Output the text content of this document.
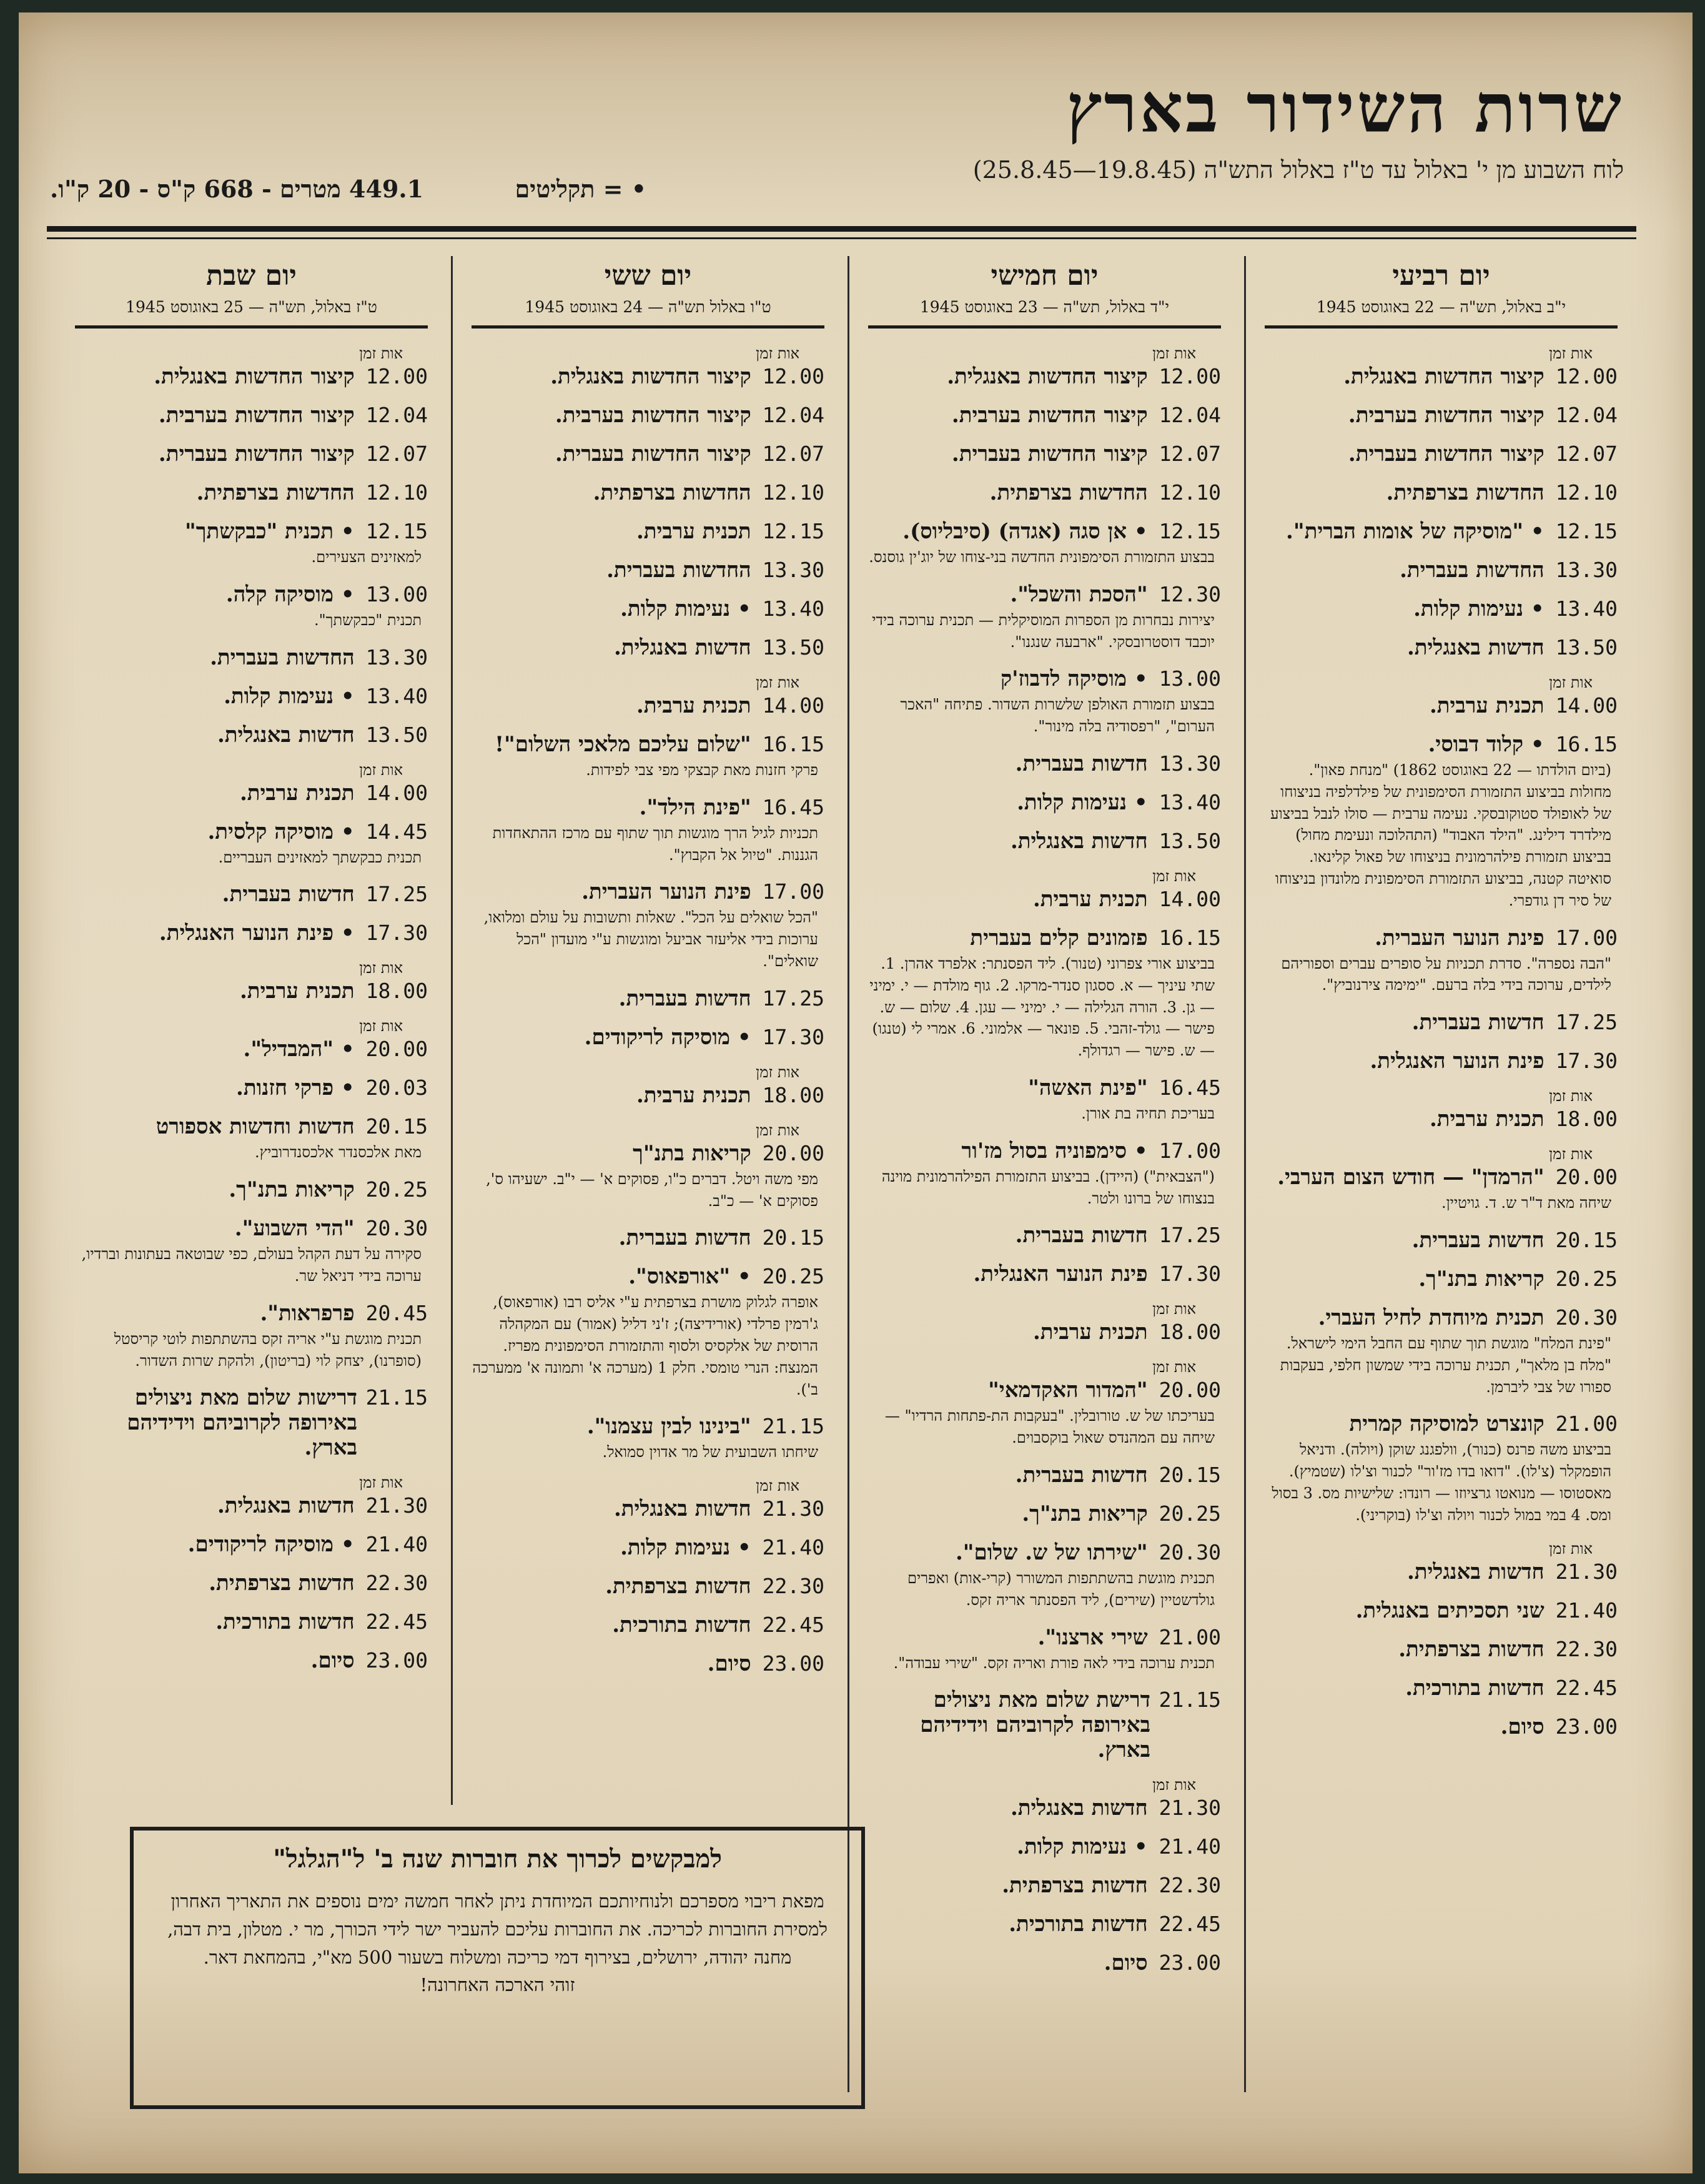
שרות השידור בארץ
לוח השבוע מן י' באלול עד ט"ז באלול התש"ה (19.8.45—25.8.45)
• = תקליטים  449.1 מטרים - 668 ק"ס - 20 ק"ו.
יום רביעי
י"ב באלול, תש"ה — 22 באוגוסט 1945
אות זמן
12.00
קיצור החדשות באנגלית.
12.04
קיצור החדשות בערבית.
12.07
קיצור החדשות בעברית.
12.10
החדשות בצרפתית.
12.15
• "מוסיקה של אומות הברית".
13.30
החדשות בעברית.
13.40
• נעימות קלות.
13.50
חדשות באנגלית.
אות זמן
14.00
תכנית ערבית.
16.15
• קלוד דבוסי.
(ביום הולדתו — 22 באוגוסט 1862) "מנחת פאון". מחולות בביצוע התזמורת הסימפונית של פילדלפיה בניצוחו של לאופולד סטוקובסקי. נעימה ערבית — סולו לנבל בביצוע מילדרד דילינג. "הילד האבוד" (התהלוכה ונעימת מחול) בביצוע תזמורת פילהרמונית בניצוחו של פאול קלינאו. סואיטה קטנה, בביצוע התזמורת הסימפונית מלונדון בניצוחו של סיר דן גודפרי.
17.00
פינת הנוער העברית.
"הבה נספרה". סדרת תכניות על סופרים עברים וספוריהם לילדים, ערוכה בידי בלה ברעם. "ימימה צירנוביץ".
17.25
חדשות בעברית.
17.30
פינת הנוער האנגלית.
אות זמן
18.00
תכנית ערבית.
אות זמן
20.00
"הרמדן" — חודש הצום הערבי.
שיחה מאת ד"ר ש. ד. גויטיין.
20.15
חדשות בעברית.
20.25
קריאות בתנ"ך.
20.30
תכנית מיוחדת לחיל העברי.
"פינת המלח" מוגשת תוך שתוף עם החבל הימי לישראל. "מלח בן מלאך", תכנית ערוכה בידי שמשון חלפי, בעקבות ספורו של צבי ליברמן.
21.00
קונצרט למוסיקה קמרית
בביצוע משה פרנס (כנור), וולפגנג שוקן (ויולה). ודניאל הופמקלר (צ'לו). "דואו בדו מז'ור" לכנור וצ'לו (שטמיץ). מאסטוסו — מנואטו גרציוזו — רונדו: שלישיות מס. 3 בסול ומס. 4 במי במול לכנור ויולה וצ'לו (בוקריני).
אות זמן
21.30
חדשות באנגלית.
21.40
שני תסכיתים באנגלית.
22.30
חדשות בצרפתית.
22.45
חדשות בתורכית.
23.00
סיום.
יום חמישי
י"ד באלול, תש"ה — 23 באוגוסט 1945
אות זמן
12.00
קיצור החדשות באנגלית.
12.04
קיצור החדשות בערבית.
12.07
קיצור החדשות בעברית.
12.10
החדשות בצרפתית.
12.15
• אן סגה (אגדה) (סיבליוס).
בבצוע התזמורת הסימפונית החדשה בני-צוחו של יוג'ין גוסנס.
12.30
"הסכת והשכל".
יצירות נבחרות מן הספרות המוסיקלית — תכנית ערוכה בידי יוכבד דוסטרובסקי. "ארבעה שנגנו".
13.00
• מוסיקה לדבוז'ק
בבצוע תזמורת האולפן שלשרות השדור. פתיחה "האכר הערום", "רפסודיה בלה מינור".
13.30
חדשות בעברית.
13.40
• נעימות קלות.
13.50
חדשות באנגלית.
אות זמן
14.00
תכנית ערבית.
16.15
פזמונים קלים בעברית
בביצוע אורי צפרוני (טנור). ליד הפסנתר: אלפרד אהרן. 1. שתי עיניך — א. ססגון סנדר-מרקו. 2. גוף מולדת — י. ימיני — גן. 3. הורה הגלילה — י. ימיני — עגן. 4. שלום — ש. פישר — גולד-זהבי. 5. פונאר — אלמוני. 6. אמרי לי (טנגו) — ש. פישר — רגדולף.
16.45
"פינת האשה"
בעריכת תחיה בת אורן.
17.00
• סימפוניה בסול מז'ור
("הצבאית") (היידן). בביצוע התזמורת הפילהרמונית מוינה בנצוחו של ברונו ולטר.
17.25
חדשות בעברית.
17.30
פינת הנוער האנגלית.
אות זמן
18.00
תכנית ערבית.
אות זמן
20.00
"המדור האקדמאי"
בעריכתו של ש. טורובלין. "בעקבות הת-פתחות הרדיו" — שיחה עם המהנדס שאול בוקסבוים.
20.15
חדשות בעברית.
20.25
קריאות בתנ"ך.
20.30
"שירתו של ש. שלום".
תכנית מוגשת בהשתתפות המשורר (קרי-אות) ואפרים גולדשטיין (שירים), ליד הפסנתר אריה זקס.
21.00
שירי ארצנו".
תכנית ערוכה בידי לאה פורת ואריה זקס. "שירי עבודה".
21.15
דרישת שלום מאת ניצולים באירופה לקרוביהם וידידיהם בארץ.
אות זמן
21.30
חדשות באנגלית.
21.40
• נעימות קלות.
22.30
חדשות בצרפתית.
22.45
חדשות בתורכית.
23.00
סיום.
יום ששי
ט"ו באלול תש"ה — 24 באוגוסט 1945
אות זמן
12.00
קיצור החדשות באנגלית.
12.04
קיצור החדשות בערבית.
12.07
קיצור החדשות בעברית.
12.10
החדשות בצרפתית.
12.15
תכנית ערבית.
13.30
החדשות בעברית.
13.40
• נעימות קלות.
13.50
חדשות באנגלית.
אות זמן
14.00
תכנית ערבית.
16.15
"שלום עליכם מלאכי השלום"!
פרקי חזנות מאת קבצקי מפי צבי לפידות.
16.45
"פינת הילד".
תכניות לגיל הרך מוגשות תוך שתוף עם מרכז ההתאחדות הגננות. "טיול אל הקבוץ".
17.00
פינת הנוער העברית.
"הכל שואלים על הכל". שאלות ותשובות על עולם ומלואו, ערוכות בידי אליעזר אביעל ומוגשות ע"י מועדון "הכל שואלים".
17.25
חדשות בעברית.
17.30
• מוסיקה לריקודים.
אות זמן
18.00
תכנית ערבית.
אות זמן
20.00
קריאות בתנ"ך
מפי משה ויטל. דברים כ"ו, פסוקים א' — י"ב. ישעיהו ס', פסוקים א' — כ"ב.
20.15
חדשות בעברית.
20.25
• "אורפאוס".
אופרה לגלוק מושרת בצרפתית ע"י אליס רבו (אורפאוס), ג'רמין פרלדי (אורידיצה); ז'ני דליל (אמור) עם המקהלה הרוסית של אלקסיס ולסוף והתזמורת הסימפונית מפריז. המנצח: הנרי טומסי. חלק 1 (מערכה א' ותמונה א' ממערכה ב').
21.15
"בינינו לבין עצמנו".
שיחתו השבועית של מר אדוין סמואל.
אות זמן
21.30
חדשות באנגלית.
21.40
• נעימות קלות.
22.30
חדשות בצרפתית.
22.45
חדשות בתורכית.
23.00
סיום.
יום שבת
ט"ז באלול, תש"ה — 25 באוגוסט 1945
אות זמן
12.00
קיצור החדשות באנגלית.
12.04
קיצור החדשות בערבית.
12.07
קיצור החדשות בעברית.
12.10
החדשות בצרפתית.
12.15
• תכנית "כבקשתך"
למאזינים הצעירים.
13.00
• מוסיקה קלה.
תכנית "כבקשתך".
13.30
החדשות בעברית.
13.40
• נעימות קלות.
13.50
חדשות באנגלית.
אות זמן
14.00
תכנית ערבית.
14.45
• מוסיקה קלסית.
תכנית כבקשתך למאזינים העבריים.
17.25
חדשות בעברית.
17.30
• פינת הנוער האנגלית.
אות זמן
18.00
תכנית ערבית.
אות זמן
20.00
• "המבדיל".
20.03
• פרקי חזנות.
20.15
חדשות וחדשות אספורט
מאת אלכסנדר אלכסנדרוביץ.
20.25
קריאות בתנ"ך.
20.30
"הדי השבוע".
סקירה על דעת הקהל בעולם, כפי שבוטאה בעתונות וברדיו, ערוכה בידי דניאל שר.
20.45
פרפראות".
תכנית מוגשת ע"י אריה זקס בהשתתפות לוטי קריסטל (סופרנו), יצחק לוי (בריטון), ולהקת שרות השדור.
21.15
דרישות שלום מאת ניצולים באירופה לקרוביהם וידידיהם בארץ.
אות זמן
21.30
חדשות באנגלית.
21.40
• מוסיקה לריקודים.
22.30
חדשות בצרפתית.
22.45
חדשות בתורכית.
23.00
סיום.
למבקשים לכרוך את חוברות שנה ב' ל"הגלגל"
מפאת ריבוי מספרכם ולנוחיותכם המיוחדת ניתן לאחר חמשה ימים נוספים את התאריך האחרון למסירת החוברות לכריכה. את החוברות עליכם להעביר ישר לידי הכורך, מר י. מטלון, בית דבה, מחנה יהודה, ירושלים, בצירוף דמי כריכה ומשלוח בשעור 500 מא"י, בהמחאת דאר.
זוהי הארכה האחרונה!
